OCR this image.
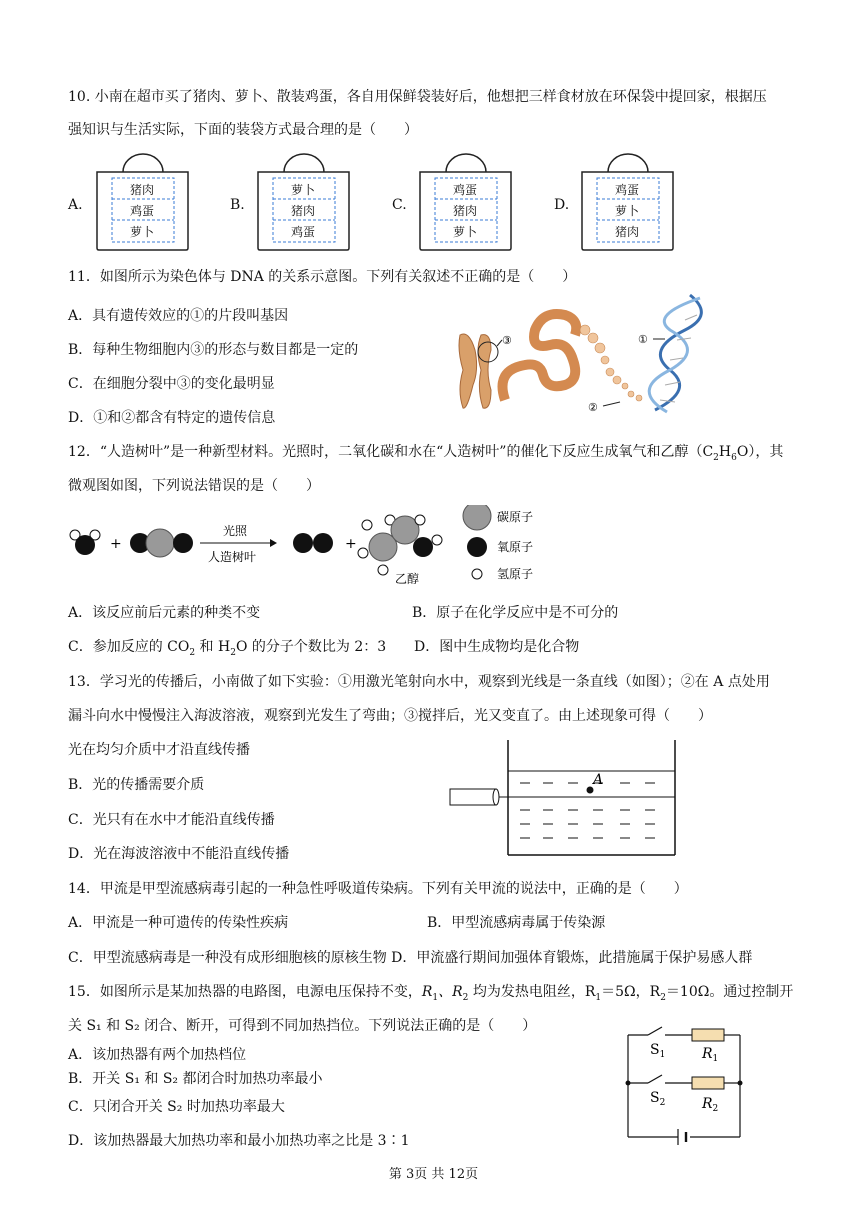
10. 小南在超市买了猪肉、萝卜、散装鸡蛋，各自用保鲜袋装好后，他想把三样食材放在环保袋中提回家，根据压
强知识与生活实际，下面的装袋方式最合理的是（　　）
A.
猪肉
鸡蛋
萝卜
B.
萝卜
猪肉
鸡蛋
C.
鸡蛋
猪肉
萝卜
D.
鸡蛋
萝卜
猪肉
11．如图所示为染色体与 DNA 的关系示意图。下列有关叙述不正确的是（　　）
A．具有遗传效应的①的片段叫基因
B．每种生物细胞内③的形态与数目都是一定的
C．在细胞分裂中③的变化最明显
D．①和②都含有特定的遗传信息
③	①
②
12．“人造树叶”是一种新型材料。光照时，二氧化碳和水在“人造树叶”的催化下反应生成氧气和乙醇$(C_2H_6O)$，其
微观图如图，下列说法错误的是（　　）
+
光照
人造树叶
+
乙醇
碳原子
氧原子
氢原子
A．该反应前后元素的种类不变	B．原子在化学反应中是不可分的
C．参加反应的 $CO_2$ 和 $H_2O$ 的分子个数比为 2：3 D．图中生成物均是化合物
13．学习光的传播后，小南做了如下实验：①用激光笔射向水中，观察到光线是一条直线（如图）；②在 A 点处用
漏斗向水中慢慢注入海波溶液，观察到光发生了弯曲；③搅拌后，光又变直了。由上述现象可得（　　）
光在均匀介质中才沿直线传播
B．光的传播需要介质
C．光只有在水中才能沿直线传播
D．光在海波溶液中不能沿直线传播
A
14．甲流是甲型流感病毒引起的一种急性呼吸道传染病。下列有关甲流的说法中，正确的是（　　）
A．甲流是一种可遗传的传染性疾病	B．甲型流感病毒属于传染源
C．甲型流感病毒是一种没有成形细胞核的原核生物 D．甲流盛行期间加强体育锻炼，此措施属于保护易感人群
15．如图所示是某加热器的电路图，电源电压保持不变，$R_1$、$R_2$ 均为发热电阻丝，$R_1=5\Omega$，$R_2=10\Omega$。通过控制开
关 S₁ 和 S₂ 闭合、断开，可得到不同加热挡位。下列说法正确的是（　　）
A．该加热器有两个加热档位
B．开关 S₁ 和 S₂ 都闭合时加热功率最小
C．只闭合开关 S₂ 时加热功率最大
D．该加热器最大加热功率和最小加热功率之比是 3∶1
$S_1$	$R_1$
$S_2$	$R_2$
第 3页 共 12页
